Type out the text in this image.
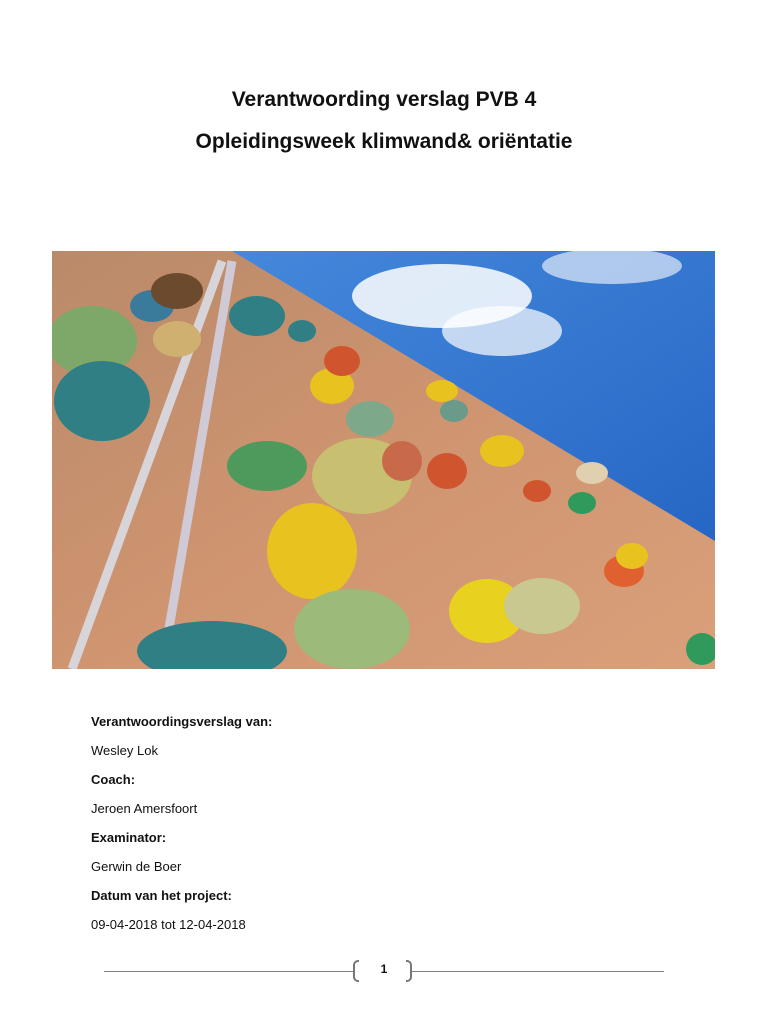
Verantwoording verslag PVB 4
Opleidingsweek klimwand& oriëntatie
Verantwoordingsverslag van:
Wesley Lok
Coach:
Jeroen Amersfoort
Examinator:
Gerwin de Boer
Datum van het project:
09-04-2018 tot 12-04-2018
1
